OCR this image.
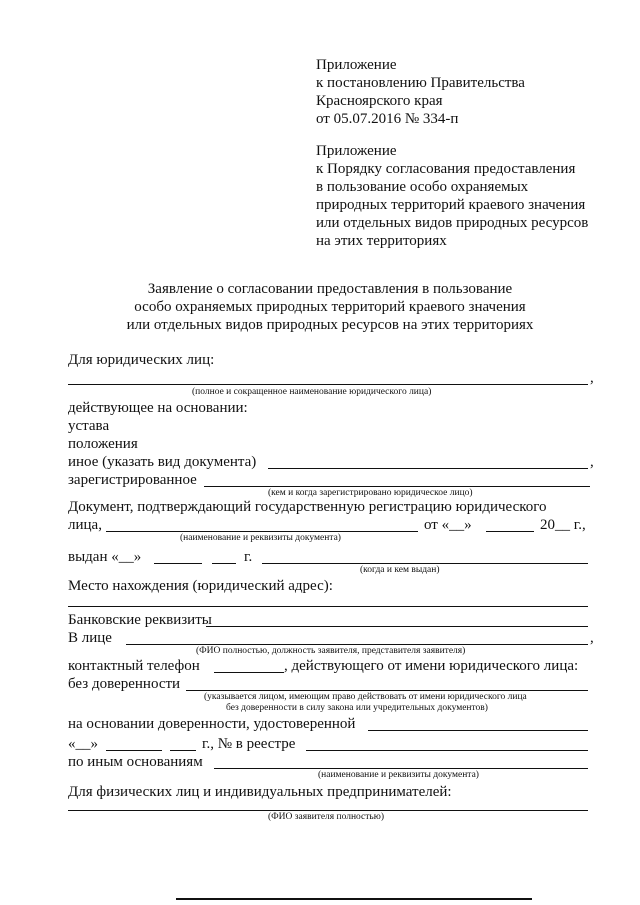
Приложение
к постановлению Правительства
Красноярского края
от 05.07.2016 № 334-п
Приложение
к Порядку согласования предоставления
в пользование особо охраняемых
природных территорий краевого значения
или отдельных видов природных ресурсов
на этих территориях
Заявление о согласовании предоставления в пользование
особо охраняемых природных территорий краевого значения
или отдельных видов природных ресурсов на этих территориях
Для юридических лиц:
,
(полное и сокращенное наименование юридического лица)
действующее на основании:
устава
положения
иное (указать вид документа)	,
зарегистрированное
(кем и когда зарегистрировано юридическое лицо)
Документ, подтверждающий государственную регистрацию юридического
лица,	от «__»	20__ г.,
(наименование и реквизиты документа)
выдан «__»	г.
(когда и кем выдан)
Место нахождения (юридический адрес):
Банковские реквизиты
В лице	,
(ФИО полностью, должность заявителя, представителя заявителя)
контактный телефон	, действующего от имени юридического лица:
без доверенности
(указывается лицом, имеющим право действовать от имени юридического лица
без доверенности в силу закона или учредительных документов)
на основании доверенности, удостоверенной
«__»	г., № в реестре
по иным основаниям
(наименование и реквизиты документа)
Для физических лиц и индивидуальных предпринимателей:
(ФИО заявителя полностью)
